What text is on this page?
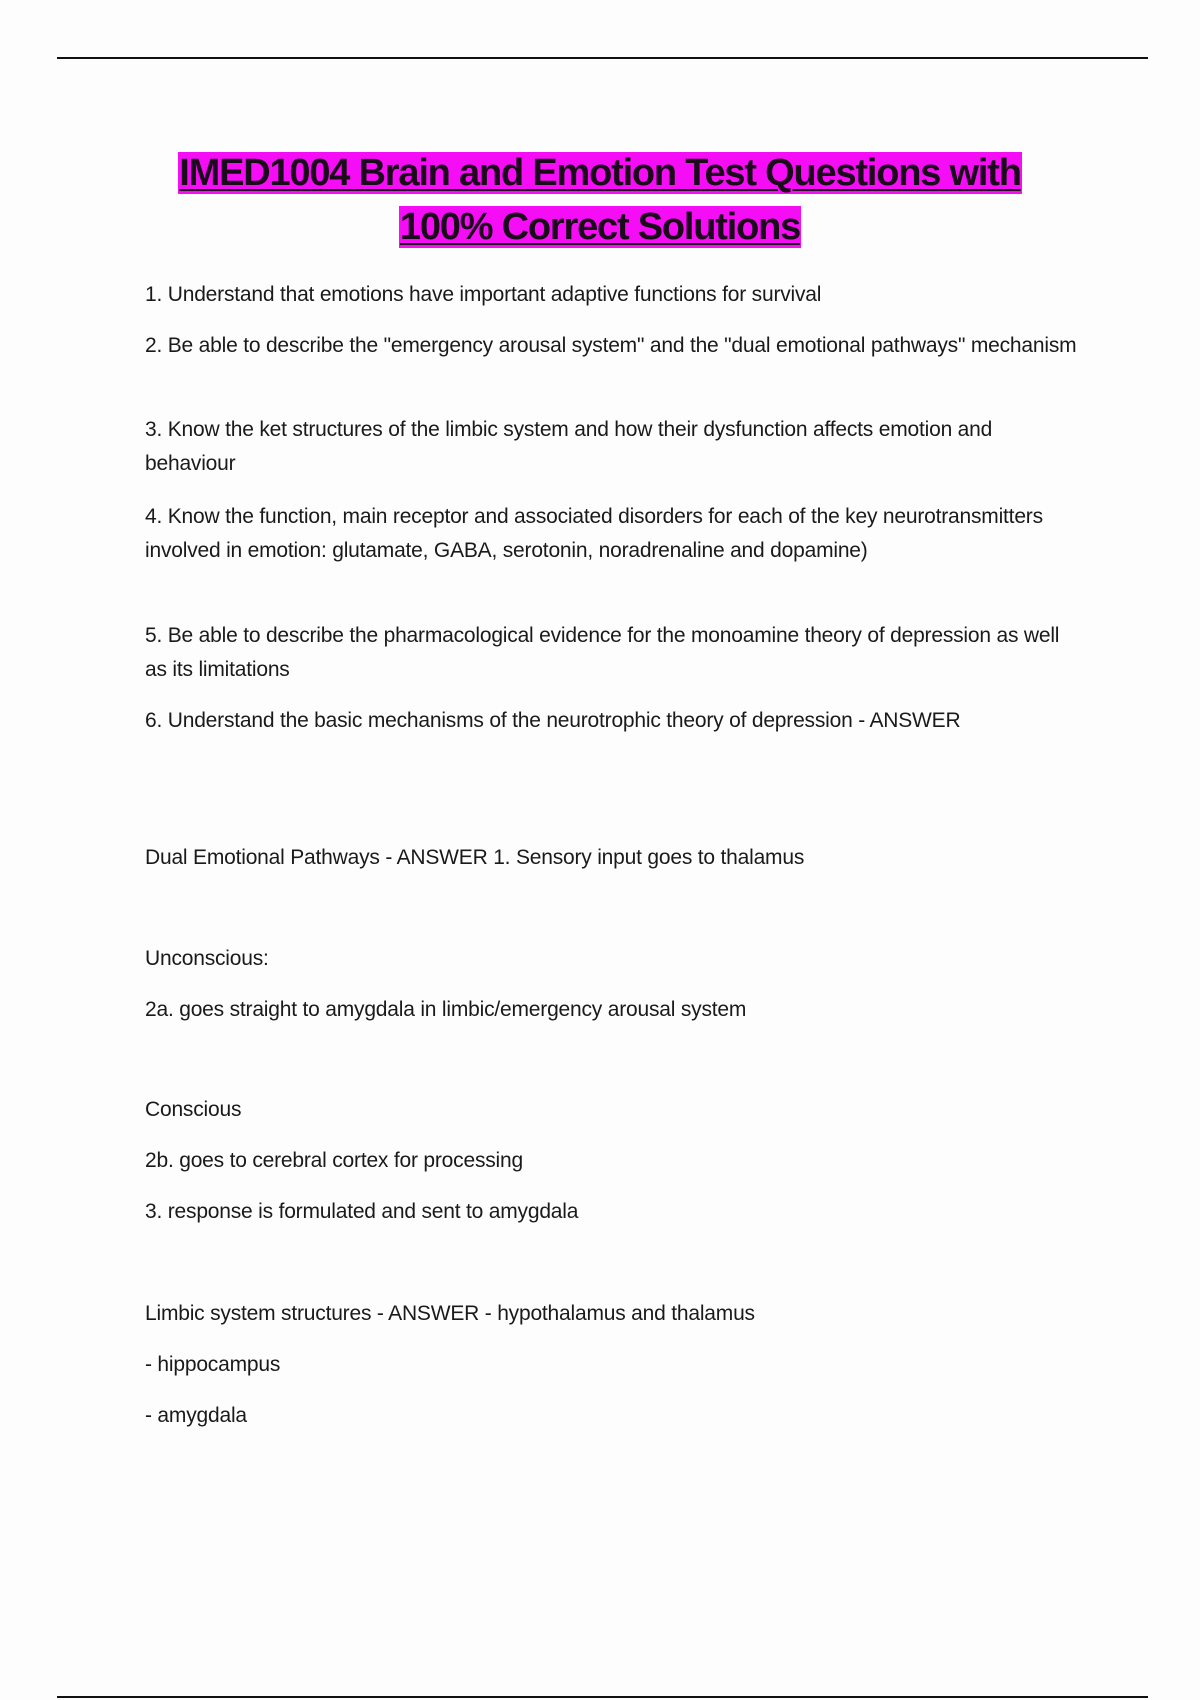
IMED1004 Brain and Emotion Test Questions with
100% Correct Solutions
1. Understand that emotions have important adaptive functions for survival
2. Be able to describe the "emergency arousal system" and the "dual emotional pathways" mechanism
3. Know the ket structures of the limbic system and how their dysfunction affects emotion and behaviour
4. Know the function, main receptor and associated disorders for each of the key neurotransmitters involved in emotion: glutamate, GABA, serotonin, noradrenaline and dopamine)
5. Be able to describe the pharmacological evidence for the monoamine theory of depression as well as its limitations
6. Understand the basic mechanisms of the neurotrophic theory of depression - ANSWER
Dual Emotional Pathways - ANSWER 1. Sensory input goes to thalamus
Unconscious:
2a. goes straight to amygdala in limbic/emergency arousal system
Conscious
2b. goes to cerebral cortex for processing
3. response is formulated and sent to amygdala
Limbic system structures - ANSWER - hypothalamus and thalamus
- hippocampus
- amygdala
